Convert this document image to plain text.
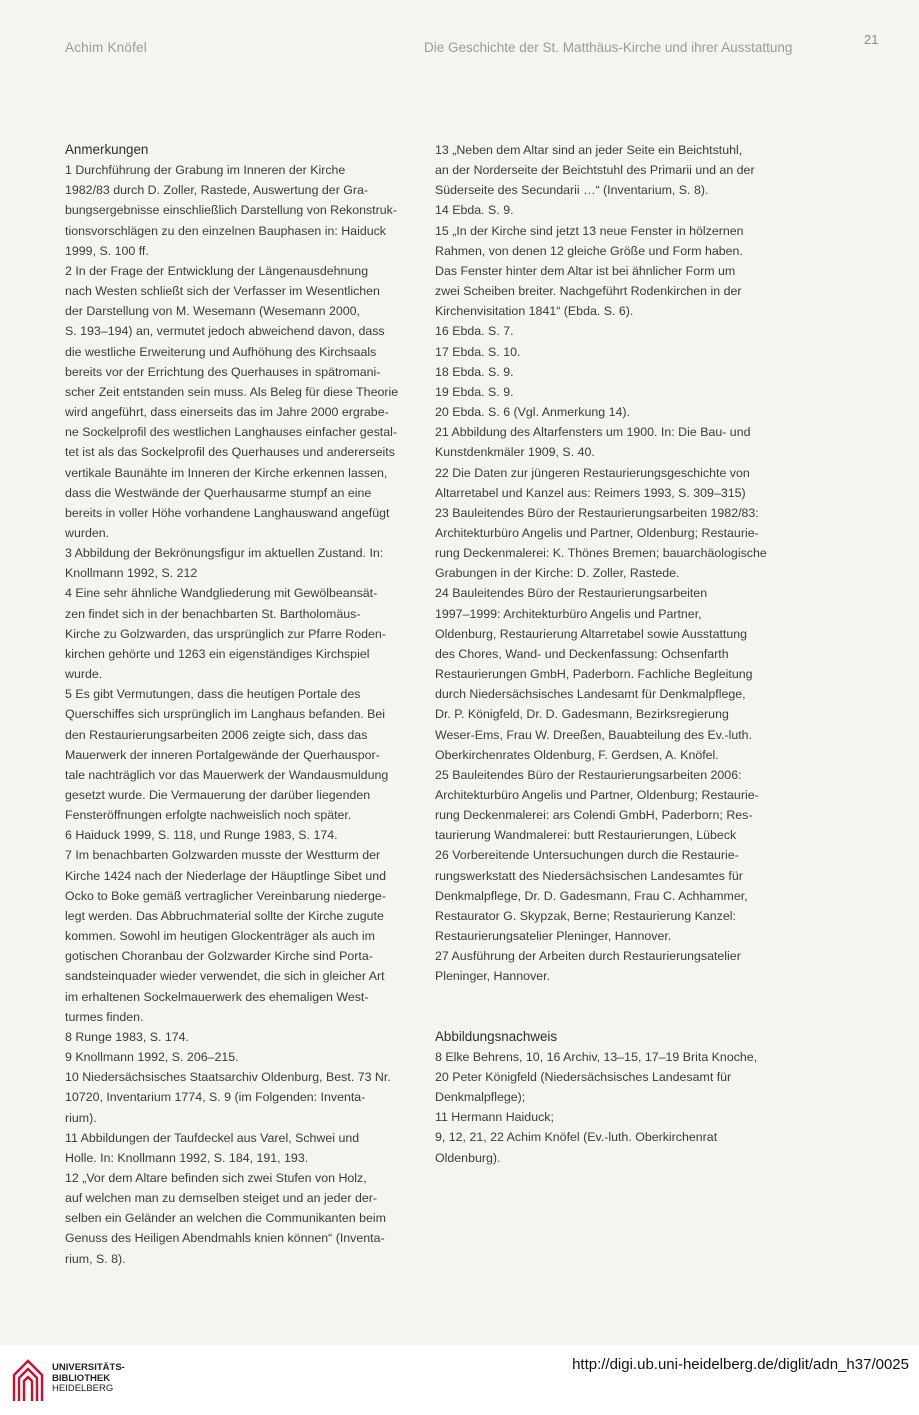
Achim Knöfel	Die Geschichte der St. Matthäus-Kirche und ihrer Ausstattung
21

Anmerkungen

1 Durchführung der Grabung im Inneren der Kirche

1982/83 durch D. Zoller, Rastede, Auswertung der Gra-

bungsergebnisse einschließlich Darstellung von Rekonstruk-

tionsvorschlägen zu den einzelnen Bauphasen in: Haiduck

1999, S. 100 ff.

2 In der Frage der Entwicklung der Längenausdehnung

nach Westen schließt sich der Verfasser im Wesentlichen

der Darstellung von M. Wesemann (Wesemann 2000,

S. 193–194) an, vermutet jedoch abweichend davon, dass

die westliche Erweiterung und Aufhöhung des Kirchsaals

bereits vor der Errichtung des Querhauses in spätromani-

scher Zeit entstanden sein muss. Als Beleg für diese Theorie

wird angeführt, dass einerseits das im Jahre 2000 ergrabe-

ne Sockelprofil des westlichen Langhauses einfacher gestal-

tet ist als das Sockelprofil des Querhauses und andererseits

vertikale Baunähte im Inneren der Kirche erkennen lassen,

dass die Westwände der Querhausarme stumpf an eine

bereits in voller Höhe vorhandene Langhauswand angefügt

wurden.

3 Abbildung der Bekrönungsfigur im aktuellen Zustand. In:

Knollmann 1992, S. 212

4 Eine sehr ähnliche Wandgliederung mit Gewölbeansät-

zen findet sich in der benachbarten St. Bartholomäus-

Kirche zu Golzwarden, das ursprünglich zur Pfarre Roden-

kirchen gehörte und 1263 ein eigenständiges Kirchspiel

wurde.

5 Es gibt Vermutungen, dass die heutigen Portale des

Querschiffes sich ursprünglich im Langhaus befanden. Bei

den Restaurierungsarbeiten 2006 zeigte sich, dass das

Mauerwerk der inneren Portalgewände der Querhauspor-

tale nachträglich vor das Mauerwerk der Wandausmuldung

gesetzt wurde. Die Vermauerung der darüber liegenden

Fensteröffnungen erfolgte nachweislich noch später.

6 Haiduck 1999, S. 118, und Runge 1983, S. 174.

7 Im benachbarten Golzwarden musste der Westturm der

Kirche 1424 nach der Niederlage der Häuptlinge Sibet und

Ocko to Boke gemäß vertraglicher Vereinbarung niederge-

legt werden. Das Abbruchmaterial sollte der Kirche zugute

kommen. Sowohl im heutigen Glockenträger als auch im

gotischen Choranbau der Golzwarder Kirche sind Porta-

sandsteinquader wieder verwendet, die sich in gleicher Art

im erhaltenen Sockelmauerwerk des ehemaligen West-

turmes finden.

8 Runge 1983, S. 174.

9 Knollmann 1992, S. 206–215.

10 Niedersächsisches Staatsarchiv Oldenburg, Best. 73 Nr.

10720, Inventarium 1774, S. 9 (im Folgenden: Inventa-

rium).

11 Abbildungen der Taufdeckel aus Varel, Schwei und

Holle. In: Knollmann 1992, S. 184, 191, 193.

12 „Vor dem Altare befinden sich zwei Stufen von Holz,

auf welchen man zu demselben steiget und an jeder der-

selben ein Geländer an welchen die Communikanten beim

Genuss des Heiligen Abendmahls knien können“ (Inventa-

rium, S. 8).

13 „Neben dem Altar sind an jeder Seite ein Beichtstuhl,

an der Norderseite der Beichtstuhl des Primarii und an der

Süderseite des Secundarii …“ (Inventarium, S. 8).

14 Ebda. S. 9.

15 „In der Kirche sind jetzt 13 neue Fenster in hölzernen

Rahmen, von denen 12 gleiche Größe und Form haben.

Das Fenster hinter dem Altar ist bei ähnlicher Form um

zwei Scheiben breiter. Nachgeführt Rodenkirchen in der

Kirchenvisitation 1841“ (Ebda. S. 6).

16 Ebda. S. 7.

17 Ebda. S. 10.

18 Ebda. S. 9.

19 Ebda. S. 9.

20 Ebda. S. 6 (Vgl. Anmerkung 14).

21 Abbildung des Altarfensters um 1900. In: Die Bau- und

Kunstdenkmäler 1909, S. 40.

22 Die Daten zur jüngeren Restaurierungsgeschichte von

Altarretabel und Kanzel aus: Reimers 1993, S. 309–315)

23 Bauleitendes Büro der Restaurierungsarbeiten 1982/83:

Architekturbüro Angelis und Partner, Oldenburg; Restaurie-

rung Deckenmalerei: K. Thönes Bremen; bauarchäologische

Grabungen in der Kirche: D. Zoller, Rastede.

24 Bauleitendes Büro der Restaurierungsarbeiten

1997–1999: Architekturbüro Angelis und Partner,

Oldenburg, Restaurierung Altarretabel sowie Ausstattung

des Chores, Wand- und Deckenfassung: Ochsenfarth

Restaurierungen GmbH, Paderborn. Fachliche Begleitung

durch Niedersächsisches Landesamt für Denkmalpflege,

Dr. P. Königfeld, Dr. D. Gadesmann, Bezirksregierung

Weser-Ems, Frau W. Dreeßen, Bauabteilung des Ev.-luth.

Oberkirchenrates Oldenburg, F. Gerdsen, A. Knöfel.

25 Bauleitendes Büro der Restaurierungsarbeiten 2006:

Architekturbüro Angelis und Partner, Oldenburg; Restaurie-

rung Deckenmalerei: ars Colendi GmbH, Paderborn; Res-

taurierung Wandmalerei: butt Restaurierungen, Lübeck

26 Vorbereitende Untersuchungen durch die Restaurie-

rungswerkstatt des Niedersächsischen Landesamtes für

Denkmalpflege, Dr. D. Gadesmann, Frau C. Achhammer,

Restaurator G. Skypzak, Berne; Restaurierung Kanzel:

Restaurierungsatelier Pleninger, Hannover.

27 Ausführung der Arbeiten durch Restaurierungsatelier

Pleninger, Hannover.

Abbildungsnachweis

8 Elke Behrens, 10, 16 Archiv, 13–15, 17–19 Brita Knoche,

20 Peter Königfeld (Niedersächsisches Landesamt für

Denkmalpflege);

11 Hermann Haiduck;

9, 12, 21, 22 Achim Knöfel (Ev.-luth. Oberkirchenrat

Oldenburg).

UNIVERSITÄTS-
BIBLIOTHEK
HEIDELBERG
http://digi.ub.uni-heidelberg.de/diglit/adn_h37/0025
